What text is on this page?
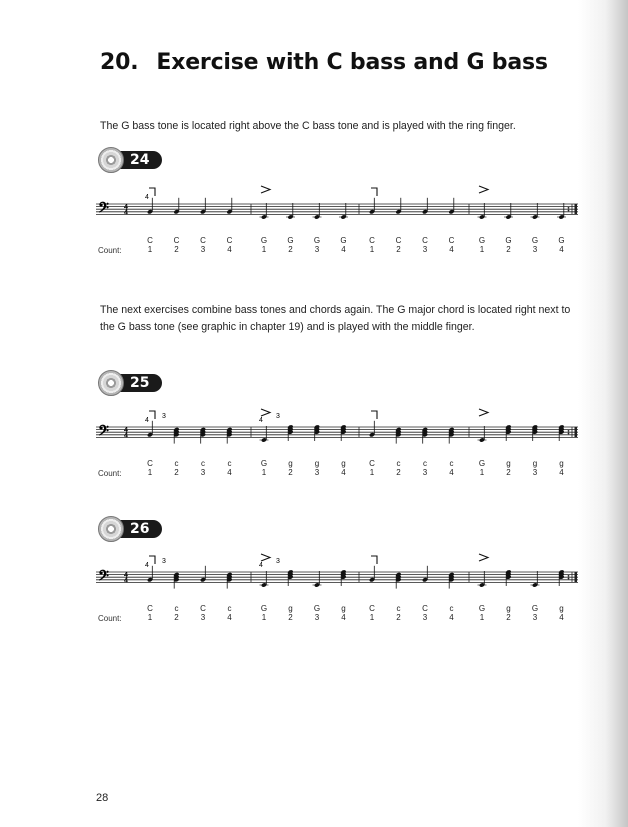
20. Exercise with C bass and G bass

The G bass tone is located right above the C bass tone and is played with the ring finger.

24
𝄢 4
4
4
Count:
C
1
C
2
C
3
C
4
G
1
G
2
G
3
G
4
C
1
C
2
C
3
C
4
G
1
G
2
G
3
G
4

The next exercises combine bass tones and chords again. The G major chord is located right next to the G bass tone (see graphic in chapter 19) and is played with the middle finger.

25
𝄢 4
4
4
3
4
3
Count:
C
1
c
2
c
3
c
4
G
1
g
2
g
3
g
4
C
1
c
2
c
3
c
4
G
1
g
2
g
3
g
4
26
𝄢 4
4
4
3
4
3
Count:
C
1
c
2
C
3
c
4
G
1
g
2
G
3
g
4
C
1
c
2
C
3
c
4
G
1
g
2
G
3
g
4
28
